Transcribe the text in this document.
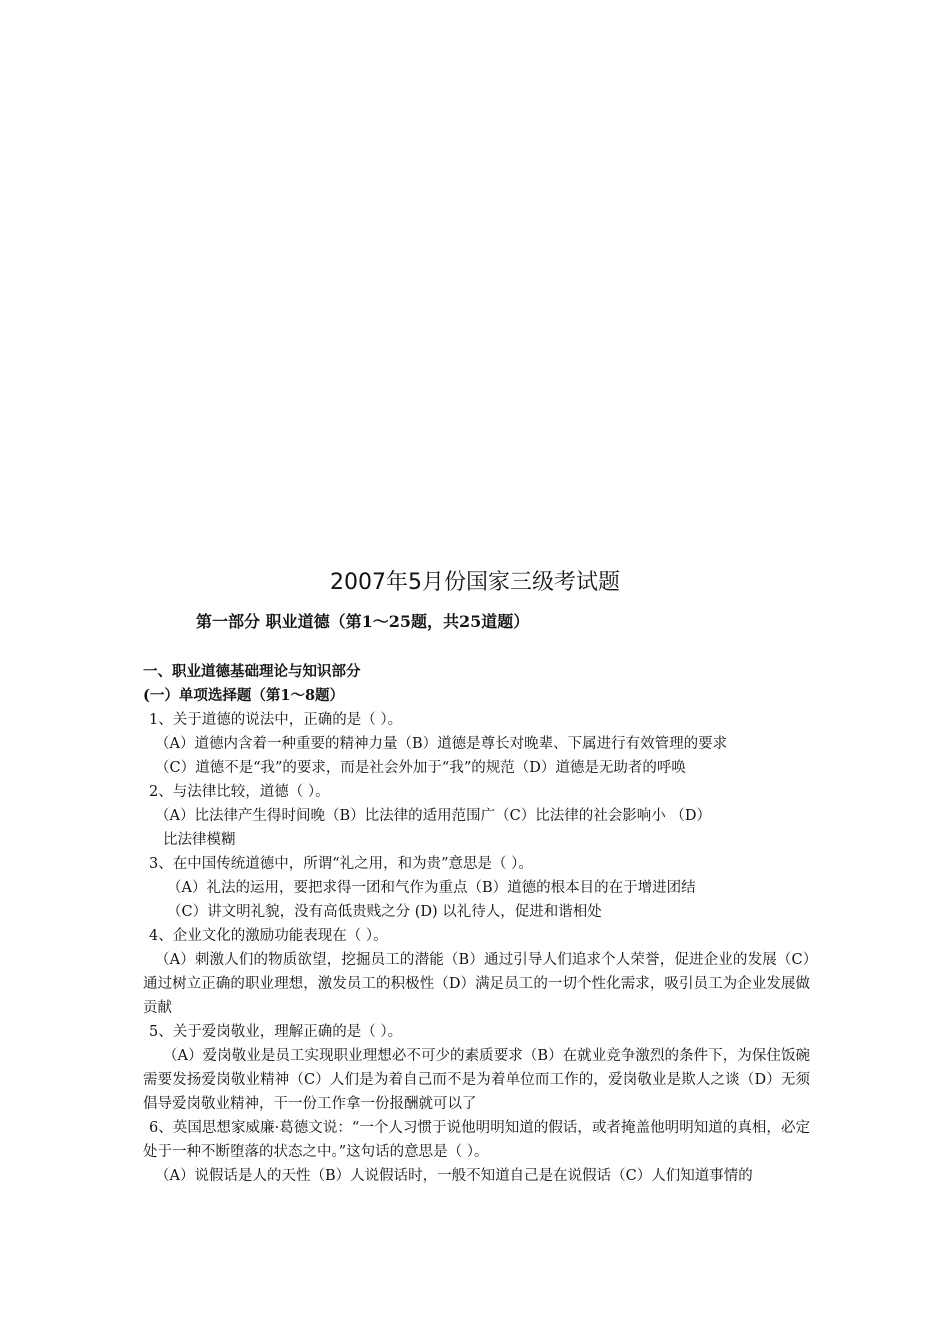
2007年5月份国家三级考试题
第一部分 职业道德（第1～25题，共25道题）
一、职业道德基础理论与知识部分
(一）单项选择题（第1～8题）
1、关于道德的说法中，正确的是（ ）。
（A）道德内含着一种重要的精神力量（B）道德是尊长对晚辈、下属进行有效管理的要求
（C）道德不是“我”的要求，而是社会外加于“我”的规范（D）道德是无助者的呼唤
2、与法律比较，道德（ ）。
（A）比法律产生得时间晚（B）比法律的适用范围广（C）比法律的社会影响小 （D）
比法律模糊
3、在中国传统道德中，所谓“礼之用，和为贵”意思是（ ）。
（A）礼法的运用，要把求得一团和气作为重点（B）道德的根本目的在于增进团结
（C）讲文明礼貌，没有高低贵贱之分 (D) 以礼待人，促进和谐相处
4、企业文化的激励功能表现在（ ）。
（A）刺激人们的物质欲望，挖掘员工的潜能（B）通过引导人们追求个人荣誉，促进企业的发展（C）通过树立正确的职业理想，激发员工的积极性（D）满足员工的一切个性化需求，吸引员工为企业发展做贡献
5、关于爱岗敬业，理解正确的是（ ）。
（A）爱岗敬业是员工实现职业理想必不可少的素质要求（B）在就业竞争激烈的条件下，为保住饭碗需要发扬爱岗敬业精神（C）人们是为着自己而不是为着单位而工作的，爱岗敬业是欺人之谈（D）无须倡导爱岗敬业精神，干一份工作拿一份报酬就可以了
6、英国思想家威廉·葛德文说：“一个人习惯于说他明明知道的假话，或者掩盖他明明知道的真相，必定处于一种不断堕落的状态之中。”这句话的意思是（ ）。
（A）说假话是人的天性（B）人说假话时，一般不知道自己是在说假话（C）人们知道事情的
